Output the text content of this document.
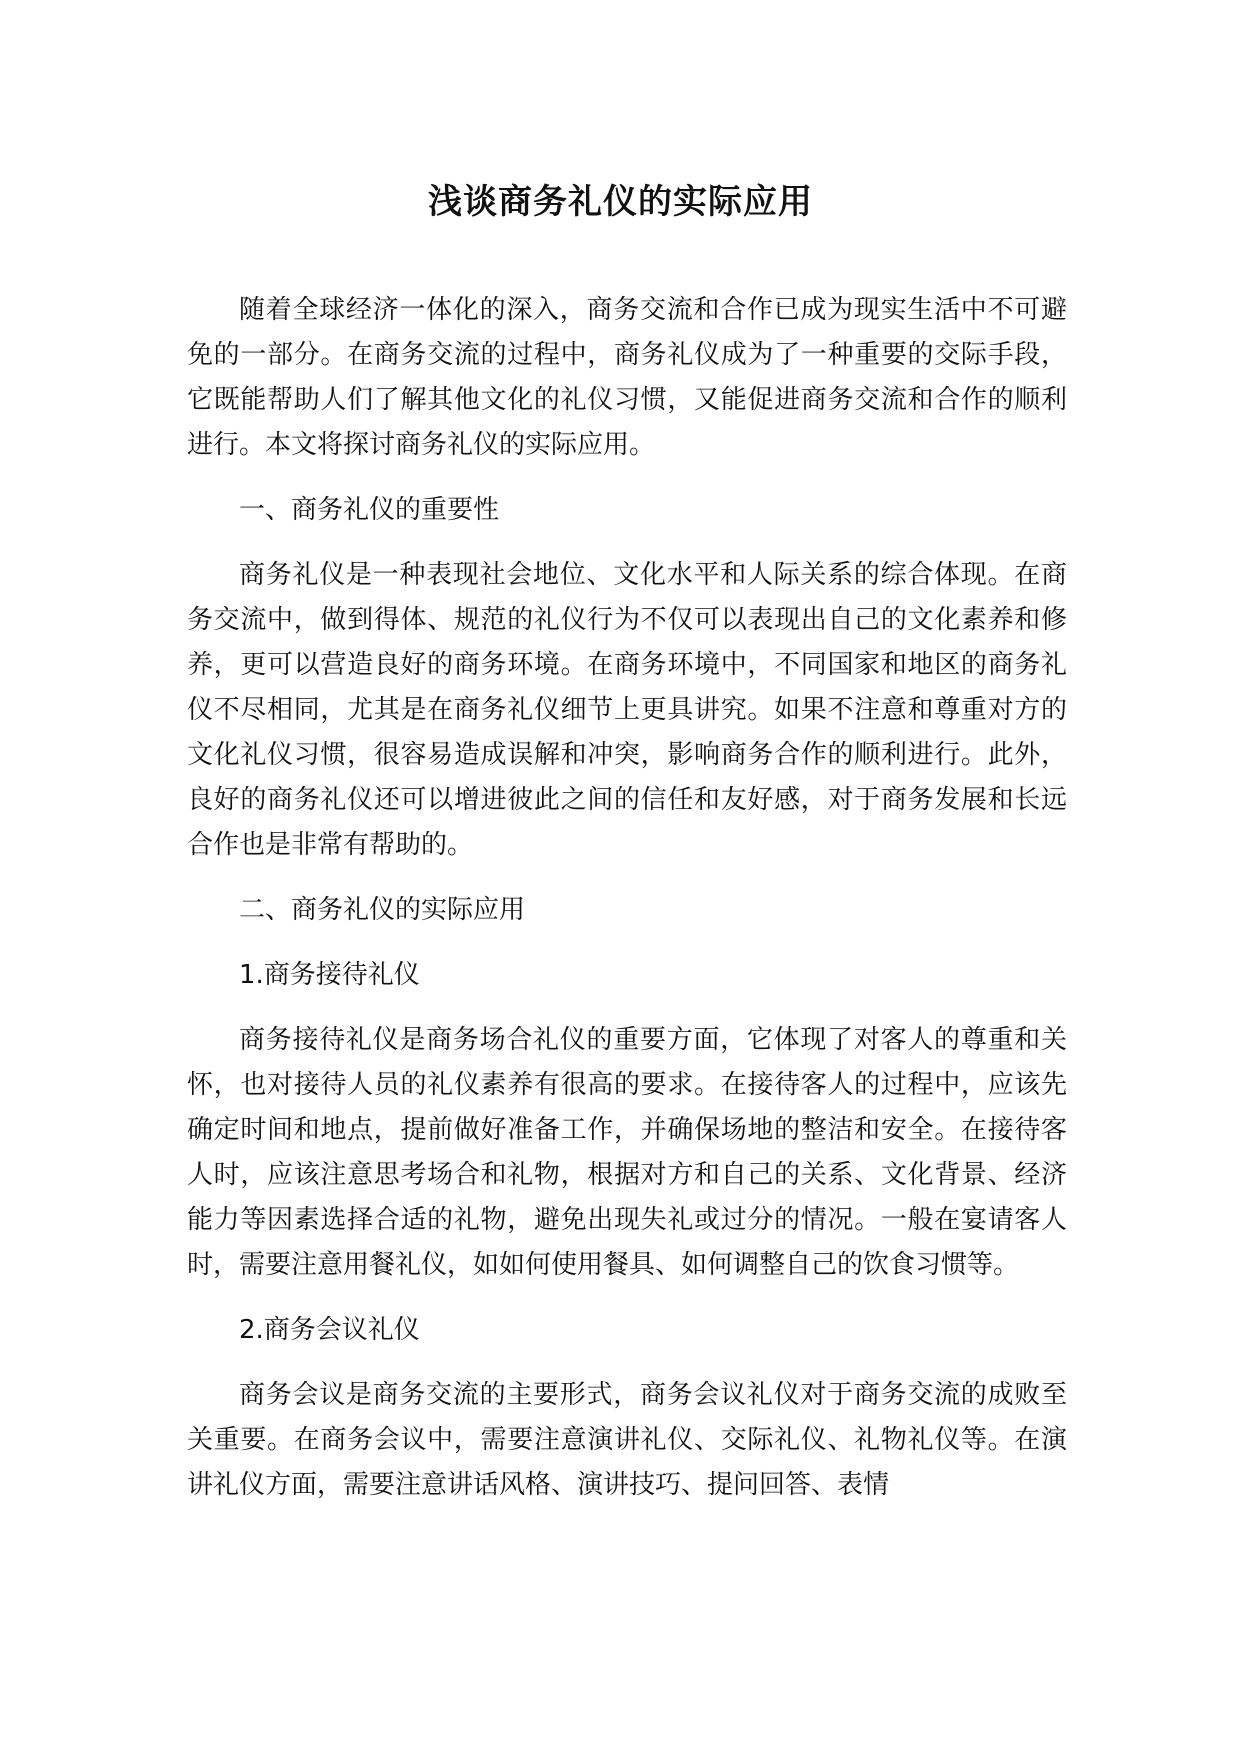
浅谈商务礼仪的实际应用

随着全球经济一体化的深入，商务交流和合作已成为现实生活中不可避免的一部分。在商务交流的过程中，商务礼仪成为了一种重要的交际手段，它既能帮助人们了解其他文化的礼仪习惯，又能促进商务交流和合作的顺利进行。本文将探讨商务礼仪的实际应用。

一、商务礼仪的重要性

商务礼仪是一种表现社会地位、文化水平和人际关系的综合体现。在商务交流中，做到得体、规范的礼仪行为不仅可以表现出自己的文化素养和修养，更可以营造良好的商务环境。在商务环境中，不同国家和地区的商务礼仪不尽相同，尤其是在商务礼仪细节上更具讲究。如果不注意和尊重对方的文化礼仪习惯，很容易造成误解和冲突，影响商务合作的顺利进行。此外，良好的商务礼仪还可以增进彼此之间的信任和友好感，对于商务发展和长远合作也是非常有帮助的。

二、商务礼仪的实际应用

1.商务接待礼仪

商务接待礼仪是商务场合礼仪的重要方面，它体现了对客人的尊重和关怀，也对接待人员的礼仪素养有很高的要求。在接待客人的过程中，应该先确定时间和地点，提前做好准备工作，并确保场地的整洁和安全。在接待客人时，应该注意思考场合和礼物，根据对方和自己的关系、文化背景、经济能力等因素选择合适的礼物，避免出现失礼或过分的情况。一般在宴请客人时，需要注意用餐礼仪，如如何使用餐具、如何调整自己的饮食习惯等。

2.商务会议礼仪

商务会议是商务交流的主要形式，商务会议礼仪对于商务交流的成败至关重要。在商务会议中，需要注意演讲礼仪、交际礼仪、礼物礼仪等。在演讲礼仪方面，需要注意讲话风格、演讲技巧、提问回答、表情
